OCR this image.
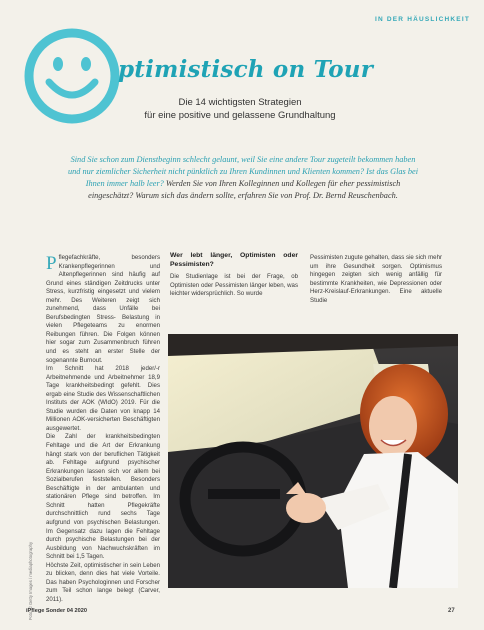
IN DER HÄUSLICHKEIT
ptimistisch on Tour
Die 14 wichtigsten Strategien
für eine positive und gelassene Grundhaltung
Sind Sie schon zum Dienstbeginn schlecht gelaunt, weil Sie eine andere Tour zugeteilt bekommen haben und nur ziemlicher Sicherheit nicht pünktlich zu Ihren Kundinnen und Klienten kommen? Ist das Glas bei Ihnen immer halb leer? Werden Sie von Ihren Kolleginnen und Kollegen für eher pessimistisch eingeschätzt? Warum sich das ändern sollte, erfahren Sie von Prof. Dr. Bernd Reuschenbach.

Pflegefachkräfte, besonders Krankenpflegerinnen und Altenpflegerinnen sind häufig auf Grund eines ständigen Zeitdrucks unter Stress, kurzfristig eingesetzt und vielem mehr. Des Weiteren zeigt sich zunehmend, dass Unfälle bei Berufsbedingten Stress- Belastung in vielen Pflegeteams zu enormen Reibungen führen. Die Folgen können hier sogar zum Zusammenbruch führen und es steht an erster Stelle der sogenannte Burnout.

Im Schnitt hat 2018 jeder/-r Arbeitnehmende und Arbeitnehmer 18,9 Tage krankheitsbedingt gefehlt. Dies ergab eine Studie des Wissenschaftlichen Instituts der AOK (WIdO) 2019. Für die Studie wurden die Daten von knapp 14 Millionen AOK-versicherten Beschäftigten ausgewertet.

Die Zahl der krankheitsbedingten Fehltage und die Art der Erkrankung hängt stark von der beruflichen Tätigkeit ab. Fehltage aufgrund psychischer Erkrankungen lassen sich vor allem bei Sozialberufen feststellen. Besonders Beschäftigte in der ambulanten und stationären Pflege sind betroffen. Im Schnitt hatten Pflegekräfte durchschnittlich rund sechs Tage aufgrund von psychischen Belastungen. Im Gegensatz dazu lagen die Fehltage durch psychische Belastungen bei der Ausbildung von Nachwuchskräften im Schnitt bei 1,5 Tagen.

Höchste Zeit, optimistischer in sein Leben zu blicken, denn dies hat viele Vorteile. Das haben Psychologinnen und Forscher zum Teil schon lange belegt (Carver, 2011).

Wer lebt länger, Optimisten oder Pessimisten?

Die Studienlage ist bei der Frage, ob Optimisten oder Pessimisten länger leben, was leichter widersprüchlich. So wurde

Pessimisten zugute gehalten, dass sie sich mehr um ihre Gesundheit sorgen. Optimismus hingegen zeigten sich wenig anfällig für bestimmte Krankheiten, wie Depressionen oder Herz-Kreislauf-Erkrankungen. Eine aktuelle Studie

Foto: © Getty Images / mediaphotography
iPflege Sonder 04 2020	27
